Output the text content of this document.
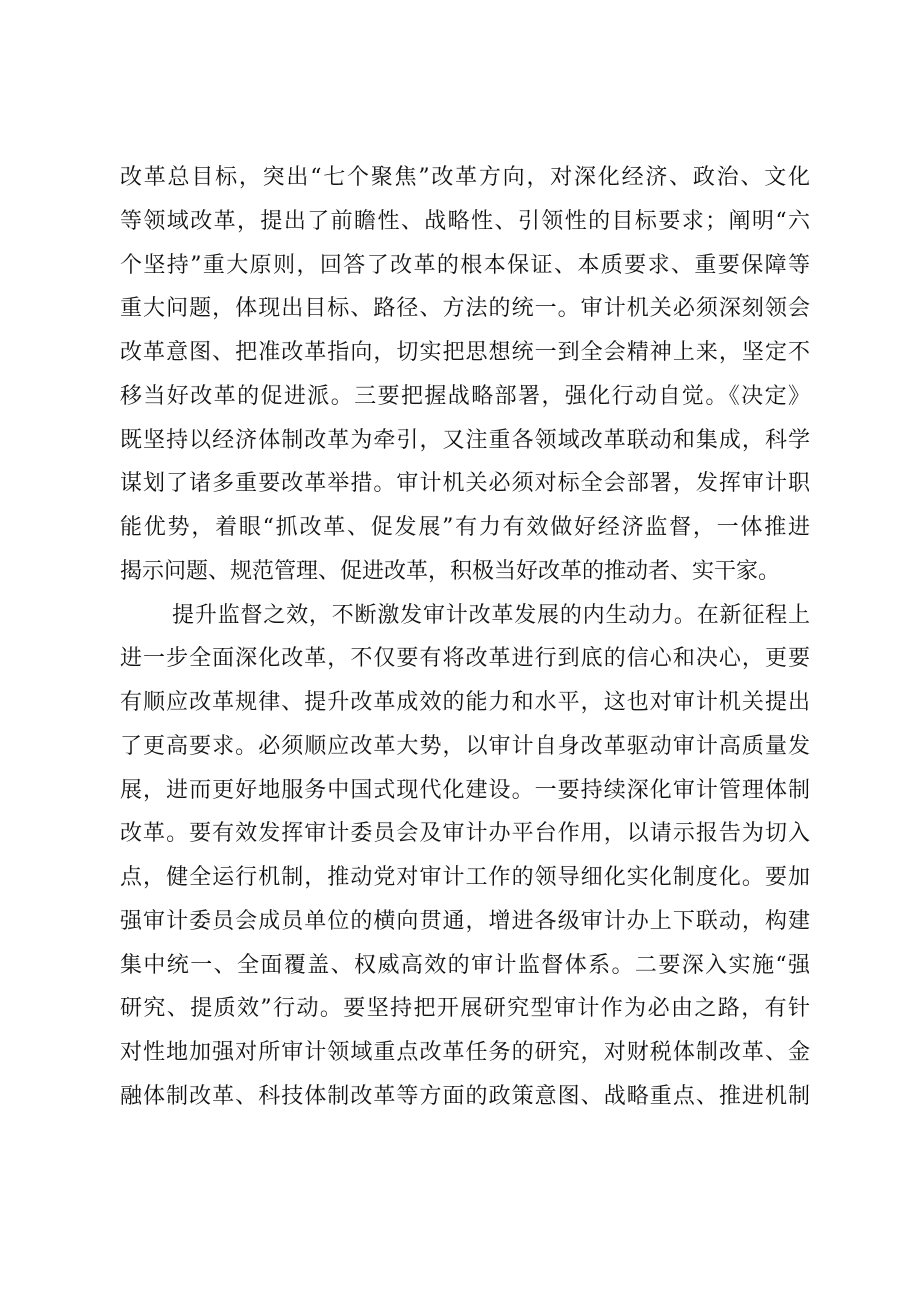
改革总目标，突出“七个聚焦”改革方向，对深化经济、政治、文化
等领域改革，提出了前瞻性、战略性、引领性的目标要求；阐明“六
个坚持”重大原则，回答了改革的根本保证、本质要求、重要保障等
重大问题，体现出目标、路径、方法的统一。审计机关必须深刻领会
改革意图、把准改革指向，切实把思想统一到全会精神上来，坚定不
移当好改革的促进派。三要把握战略部署，强化行动自觉。《决定》
既坚持以经济体制改革为牵引，又注重各领域改革联动和集成，科学
谋划了诸多重要改革举措。审计机关必须对标全会部署，发挥审计职
能优势，着眼“抓改革、促发展”有力有效做好经济监督，一体推进
揭示问题、规范管理、促进改革，积极当好改革的推动者、实干家。
提升监督之效，不断激发审计改革发展的内生动力。在新征程上
进一步全面深化改革，不仅要有将改革进行到底的信心和决心，更要
有顺应改革规律、提升改革成效的能力和水平，这也对审计机关提出
了更高要求。必须顺应改革大势，以审计自身改革驱动审计高质量发
展，进而更好地服务中国式现代化建设。一要持续深化审计管理体制
改革。要有效发挥审计委员会及审计办平台作用，以请示报告为切入
点，健全运行机制，推动党对审计工作的领导细化实化制度化。要加
强审计委员会成员单位的横向贯通，增进各级审计办上下联动，构建
集中统一、全面覆盖、权威高效的审计监督体系。二要深入实施“强
研究、提质效”行动。要坚持把开展研究型审计作为必由之路，有针
对性地加强对所审计领域重点改革任务的研究，对财税体制改革、金
融体制改革、科技体制改革等方面的政策意图、战略重点、推进机制
